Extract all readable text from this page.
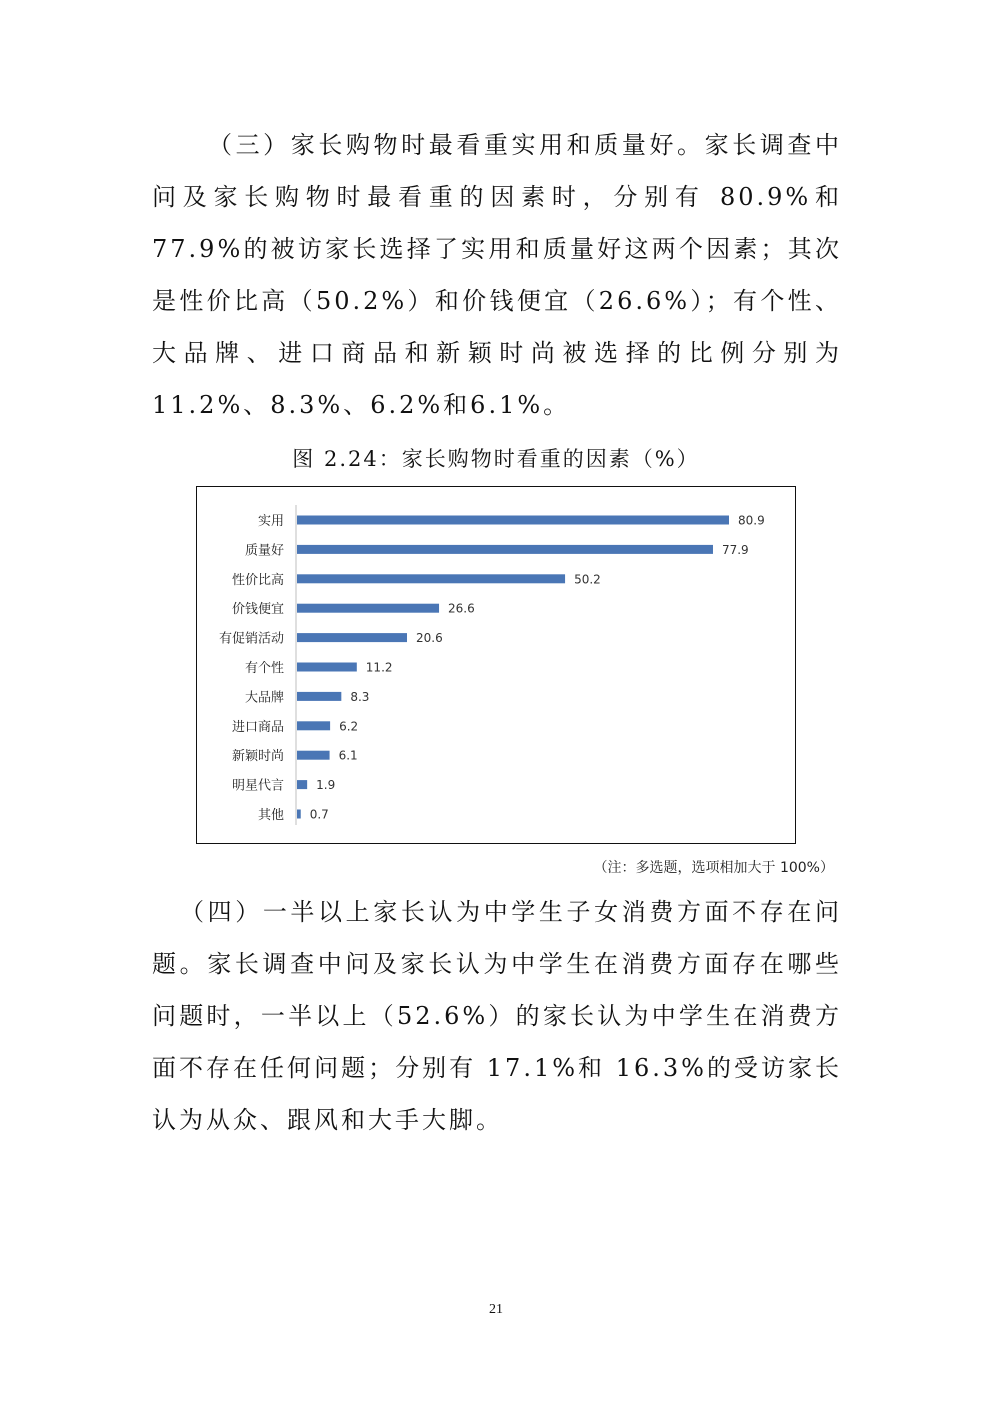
（三）家长购物时最看重实用和质量好。家长调查中问及家长购物时最看重的因素时，分别有 80.9%和 77.9%的被访家长选择了实用和质量好这两个因素；其次是性价比高（50.2%）和价钱便宜（26.6%）；有个性、大品牌、进口商品和新颖时尚被选择的比例分别为 11.2%、8.3%、6.2%和6.1%。

图 2.24：家长购物时看重的因素（%）
实用	80.9
质量好	77.9
性价比高	50.2
价钱便宜	26.6
有促销活动	20.6
有个性	11.2
大品牌	8.3
进口商品	6.2
新颖时尚	6.1
明星代言	1.9
其他 0.7
（注：多选题，选项相加大于 100%）

（四）一半以上家长认为中学生子女消费方面不存在问题。家长调查中问及家长认为中学生在消费方面存在哪些问题时，一半以上（52.6%）的家长认为中学生在消费方面不存在任何问题；分别有 17.1%和 16.3%的受访家长认为从众、跟风和大手大脚。

21
